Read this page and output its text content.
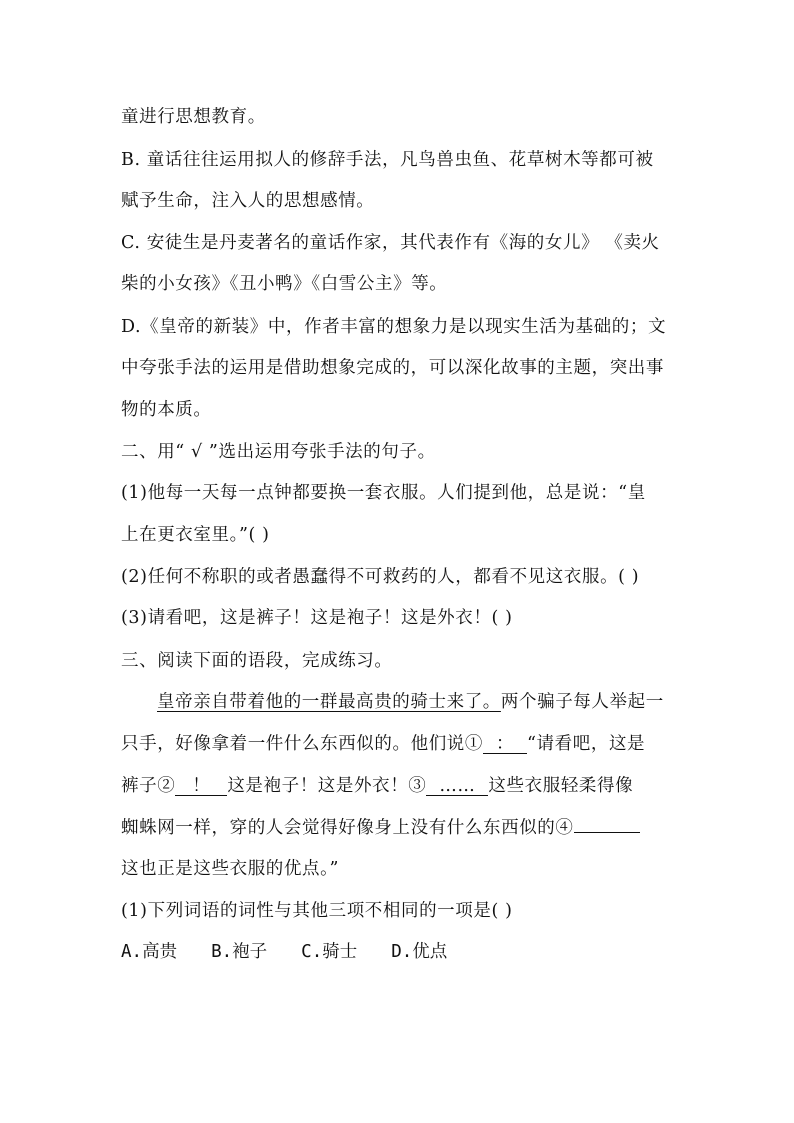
童进行思想教育。
B. 童话往往运用拟人的修辞手法，凡鸟兽虫鱼、花草树木等都可被
赋予生命，注入人的思想感情。
C. 安徒生是丹麦著名的童话作家，其代表作有《海的女儿》 《卖火
柴的小女孩》《丑小鸭》《白雪公主》等。
D.《皇帝的新装》中，作者丰富的想象力是以现实生活为基础的；文
中夸张手法的运用是借助想象完成的，可以深化故事的主题，突出事
物的本质。
二、用“ √ ”选出运用夸张手法的句子。
(1)他每一天每一点钟都要换一套衣服。人们提到他，总是说：“皇
上在更衣室里。”( )
(2)任何不称职的或者愚蠢得不可救药的人，都看不见这衣服。( )
(3)请看吧，这是裤子！这是袍子！这是外衣！( )
三、阅读下面的语段，完成练习。
皇帝亲自带着他的一群最高贵的骑士来了。两个骗子每人举起一
只手，好像拿着一件什么东西似的。他们说① ： “请看吧，这是
裤子② ！ 这是袍子！这是外衣！③ …… 这些衣服轻柔得像
蜘蛛网一样，穿的人会觉得好像身上没有什么东西似的④
这也正是这些衣服的优点。”
(1)下列词语的词性与其他三项不相同的一项是( )
A.高贵 B.袍子 C.骑士 D.优点
